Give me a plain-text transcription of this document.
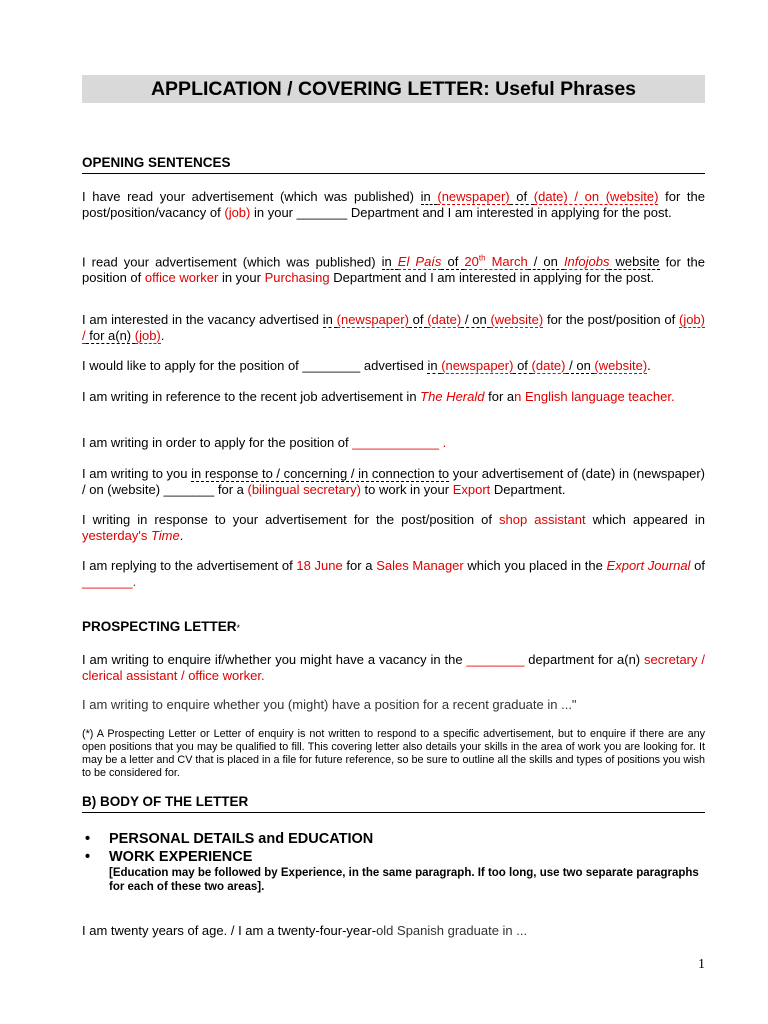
APPLICATION / COVERING LETTER: Useful Phrases
OPENING SENTENCES
I have read your advertisement (which was published) in (newspaper) of (date) / on (website) for the post/position/vacancy of (job) in your _______ Department and I am interested in applying for the post.
I read your advertisement (which was published) in El País of 20th March / on Infojobs website for the position of office worker in your Purchasing Department and I am interested in applying for the post.
I am interested in the vacancy advertised in (newspaper) of (date) / on (website) for the post/position of (job) / for a(n) (job).
I would like to apply for the position of ________ advertised in (newspaper) of (date) / on (website).
I am writing in reference to the recent job advertisement in The Herald for an English language teacher.
I am writing in order to apply for the position of ____________ .
I am writing to you in response to / concerning / in connection to your advertisement of (date) in (newspaper) / on (website) _______ for a (bilingual secretary) to work in your Export Department.
I writing in response to your advertisement for the post/position of shop assistant which appeared in yesterday's Time.
I am replying to the advertisement of 18 June for a Sales Manager which you placed in the Export Journal of _______.
PROSPECTING LETTER*
I am writing to enquire if/whether you might have a vacancy in the ________ department for a(n) secretary / clerical assistant / office worker.
I am writing to enquire whether you (might) have a position for a recent graduate in ..."
(*) A Prospecting Letter or Letter of enquiry is not written to respond to a specific advertisement, but to enquire if there are any open positions that you may be qualified to fill. This covering letter also details your skills in the area of work you are looking for. It may be a letter and CV that is placed in a file for future reference, so be sure to outline all the skills and types of positions you wish to be considered for.
B) BODY OF THE LETTER
• PERSONAL DETAILS and EDUCATION
• WORK EXPERIENCE
[Education may be followed by Experience, in the same paragraph. If too long, use two separate paragraphs for each of these two areas].
I am twenty years of age. / I am a twenty-four-year-old Spanish graduate in ...
1
